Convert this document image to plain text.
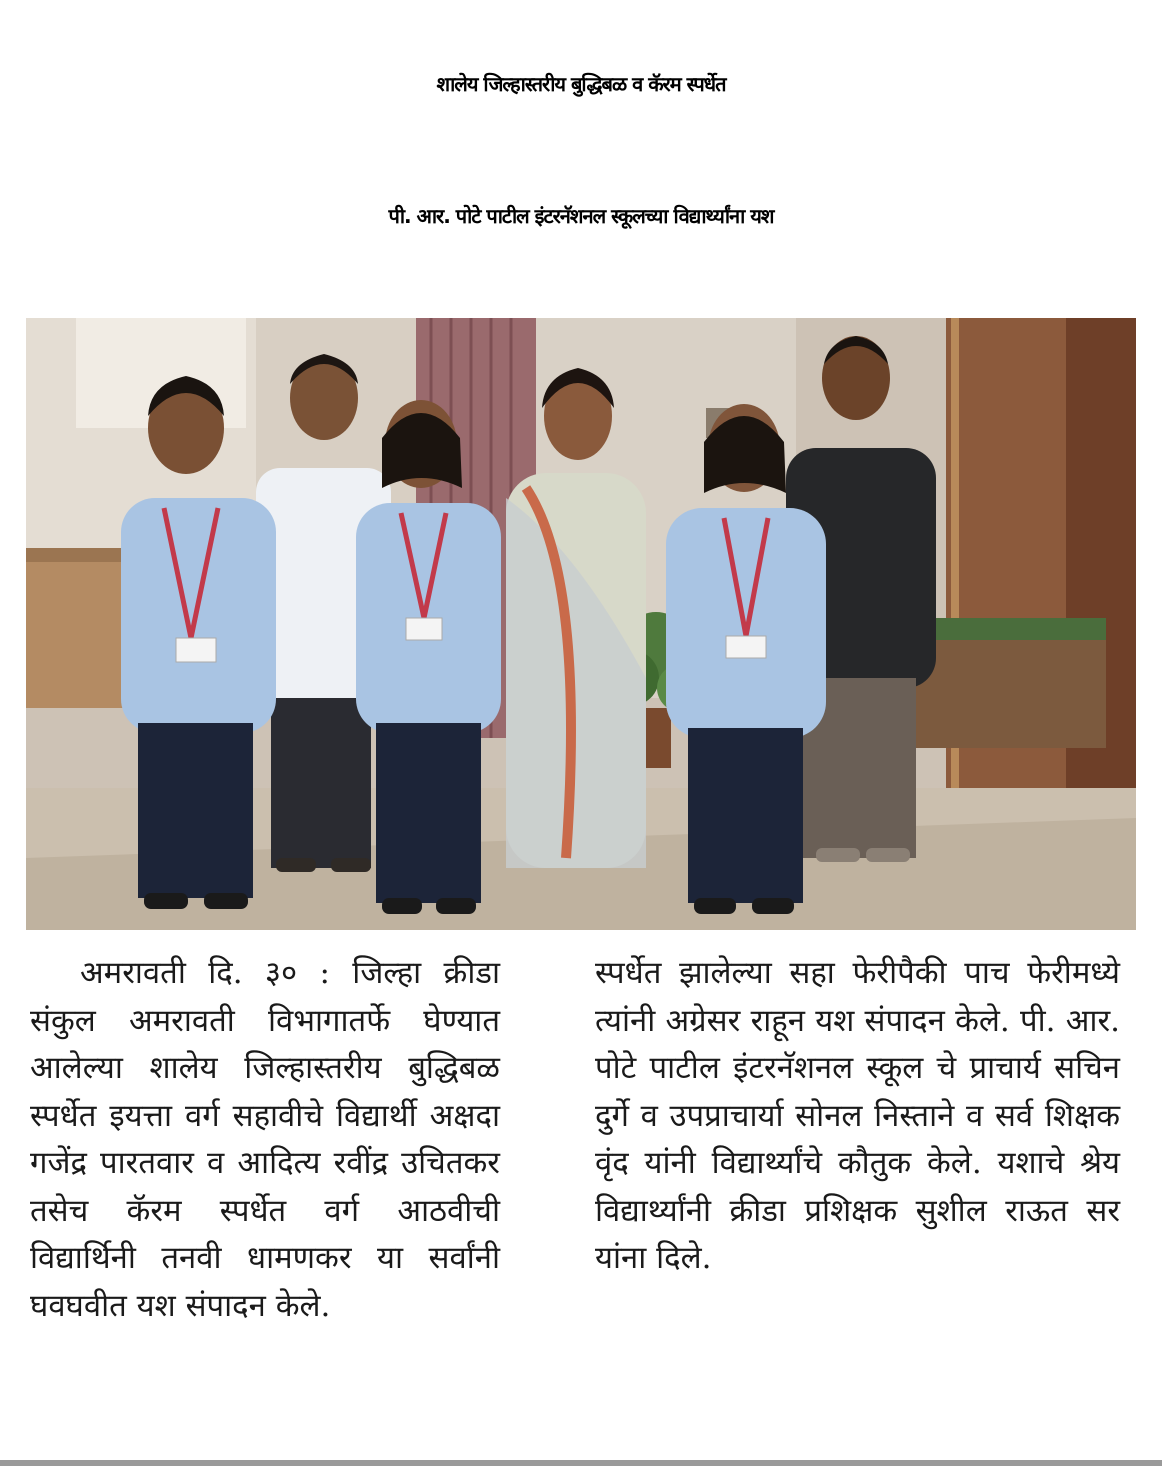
शालेय जिल्हास्तरीय बुद्धिबळ व कॅरम स्पर्धेत
पी. आर. पोटे पाटील इंटरनॅशनल स्कूलच्या विद्यार्थ्यांना यश
अमरावती दि. ३० : जिल्हा क्रीडा संकुल अमरावती विभागातर्फे घेण्यात आलेल्या शालेय जिल्हास्तरीय बुद्धिबळ स्पर्धेत इयत्ता वर्ग सहावीचे विद्यार्थी अक्षदा गजेंद्र पारतवार व आदित्य रवींद्र उचितकर तसेच कॅरम स्पर्धेत वर्ग आठवीची विद्यार्थिनी तनवी धामणकर या सर्वांनी घवघवीत यश संपादन केले.
स्पर्धेत झालेल्या सहा फेरीपैकी पाच फेरीमध्ये त्यांनी अग्रेसर राहून यश संपादन केले. पी. आर. पोटे पाटील इंटरनॅशनल स्कूल चे प्राचार्य सचिन दुर्गे व उपप्राचार्या सोनल निस्ताने व सर्व शिक्षक वृंद यांनी विद्यार्थ्यांचे कौतुक केले. यशाचे श्रेय विद्यार्थ्यांनी क्रीडा प्रशिक्षक सुशील राऊत सर यांना दिले.
